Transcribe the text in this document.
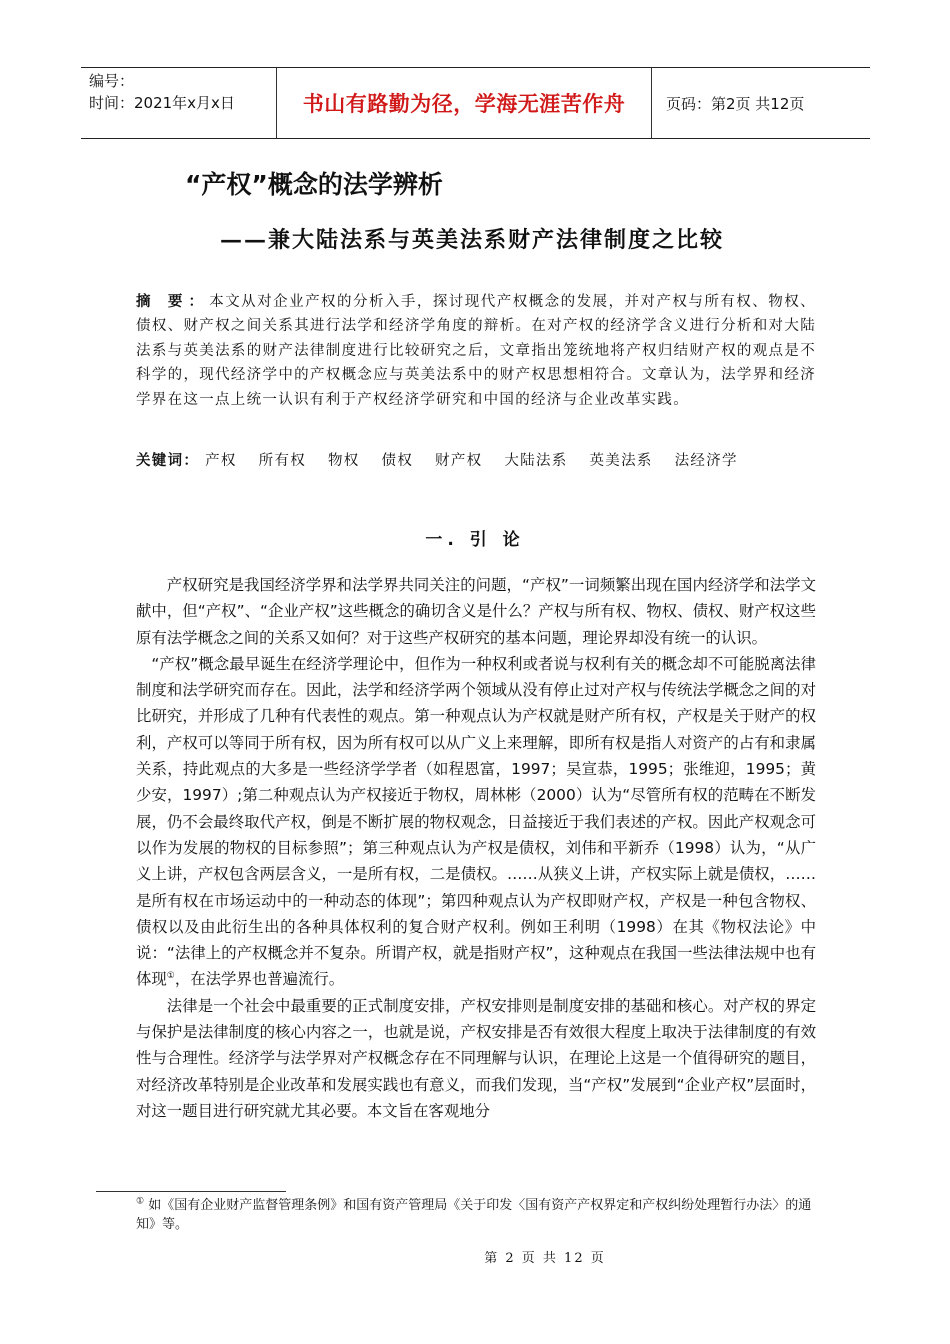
编号：
时间：2021年x月x日	书山有路勤为径，学海无涯苦作舟	页码：第2页 共12页
“产权”概念的法学辨析
——兼大陆法系与英美法系财产法律制度之比较
摘 要：本文从对企业产权的分析入手，探讨现代产权概念的发展，并对产权与所有权、物权、债权、财产权之间关系其进行法学和经济学角度的辩析。在对产权的经济学含义进行分析和对大陆法系与英美法系的财产法律制度进行比较研究之后，文章指出笼统地将产权归结财产权的观点是不科学的，现代经济学中的产权概念应与英美法系中的财产权思想相符合。文章认为，法学界和经济学界在这一点上统一认识有利于产权经济学研究和中国的经济与企业改革实践。
关键词： 产权 所有权 物权 债权 财产权 大陆法系 英美法系 法经济学
一. 引 论

产权研究是我国经济学界和法学界共同关注的问题，“产权”一词频繁出现在国内经济学和法学文献中，但“产权”、“企业产权”这些概念的确切含义是什么？产权与所有权、物权、债权、财产权这些原有法学概念之间的关系又如何？对于这些产权研究的基本问题，理论界却没有统一的认识。

“产权”概念最早诞生在经济学理论中，但作为一种权利或者说与权利有关的概念却不可能脱离法律制度和法学研究而存在。因此，法学和经济学两个领域从没有停止过对产权与传统法学概念之间的对比研究，并形成了几种有代表性的观点。第一种观点认为产权就是财产所有权，产权是关于财产的权利，产权可以等同于所有权，因为所有权可以从广义上来理解，即所有权是指人对资产的占有和隶属关系，持此观点的大多是一些经济学学者（如程恩富，1997；吴宣恭，1995；张维迎，1995；黄少安，1997）;第二种观点认为产权接近于物权，周林彬（2000）认为“尽管所有权的范畴在不断发展，仍不会最终取代产权，倒是不断扩展的物权观念，日益接近于我们表述的产权。因此产权观念可以作为发展的物权的目标参照”；第三种观点认为产权是债权，刘伟和平新乔（1998）认为，“从广义上讲，产权包含两层含义，一是所有权，二是债权。……从狭义上讲，产权实际上就是债权，……是所有权在市场运动中的一种动态的体现”；第四种观点认为产权即财产权，产权是一种包含物权、债权以及由此衍生出的各种具体权利的复合财产权利。例如王利明（1998）在其《物权法论》中说：“法律上的产权概念并不复杂。所谓产权，就是指财产权”，这种观点在我国一些法律法规中也有体现①，在法学界也普遍流行。

法律是一个社会中最重要的正式制度安排，产权安排则是制度安排的基础和核心。对产权的界定与保护是法律制度的核心内容之一，也就是说，产权安排是否有效很大程度上取决于法律制度的有效性与合理性。经济学与法学界对产权概念存在不同理解与认识，在理论上这是一个值得研究的题目，对经济改革特别是企业改革和发展实践也有意义，而我们发现，当“产权”发展到“企业产权”层面时，对这一题目进行研究就尤其必要。本文旨在客观地分

① 如《国有企业财产监督管理条例》和国有资产管理局《关于印发〈国有资产产权界定和产权纠纷处理暂行办法〉的通知》等。
第 2 页 共 12 页
